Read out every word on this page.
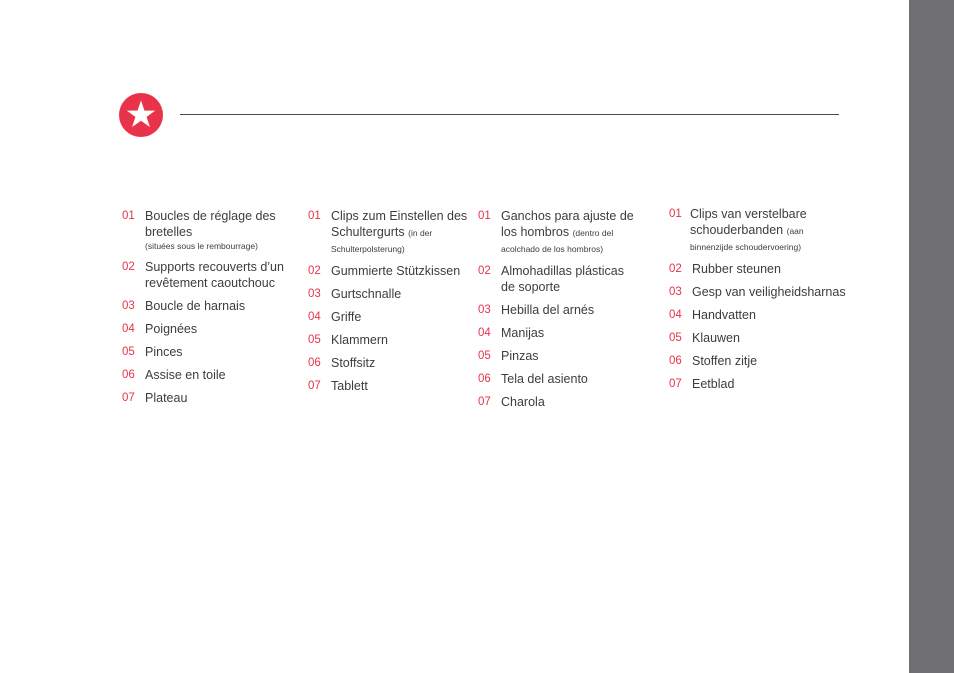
01 Boucles de réglage des bretelles
(situées sous le rembourrage)
02 Supports recouverts d’un revêtement caoutchouc
03 Boucle de harnais
04 Poignées
05 Pinces
06 Assise en toile
07 Plateau
01 Clips zum Einstellen des Schultergurts (in der Schulterpolsterung)
02 Gummierte Stützkissen
03 Gurtschnalle
04 Griffe
05 Klammern
06 Stoffsitz
07 Tablett
01 Ganchos para ajuste de los hombros (dentro del acolchado de los hombros)
02 Almohadillas plásticas de soporte
03 Hebilla del arnés
04 Manijas
05 Pinzas
06 Tela del asiento
07 Charola
01 Clips van verstelbare schouderbanden (aan binnenzijde schoudervoering)
02 Rubber steunen
03 Gesp van veiligheidsharnas
04 Handvatten
05 Klauwen
06 Stoffen zitje
07 Eetblad
